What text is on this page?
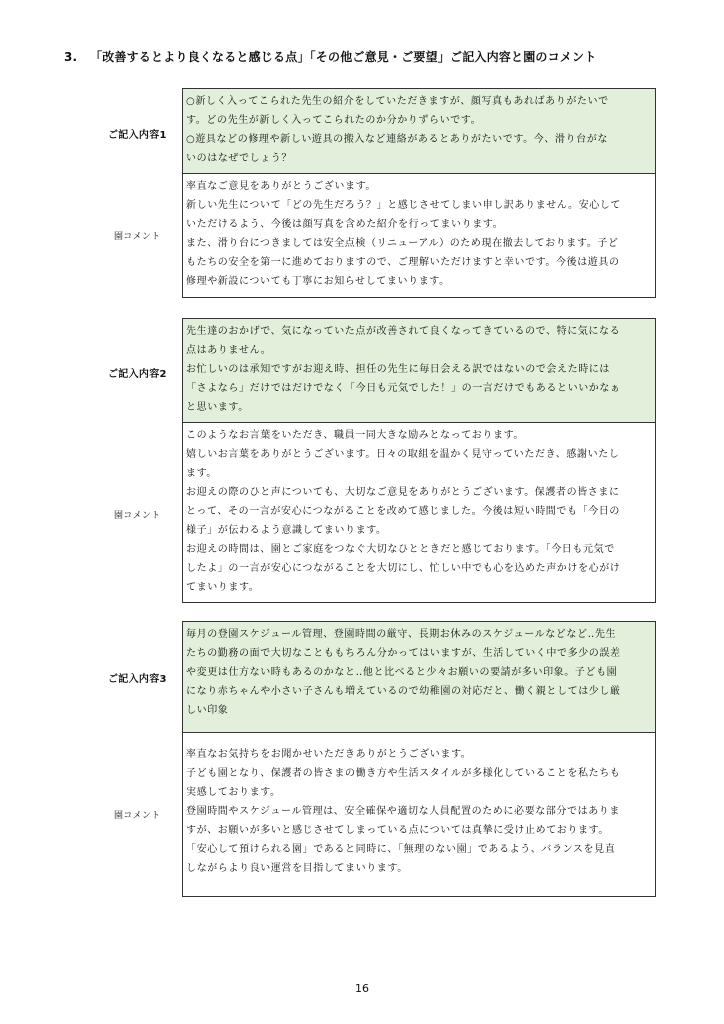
3. 「改善するとより良くなると感じる点」「その他ご意見・ご要望」ご記入内容と園のコメント
ご記入内容1
園コメント

○新しく入ってこられた先生の紹介をしていただきますが、顔写真もあればありがたいで

す。どの先生が新しく入ってこられたのか分かりずらいです。

○遊具などの修理や新しい遊具の搬入など連絡があるとありがたいです。今、滑り台がな

いのはなぜでしょう？

率直なご意見をありがとうございます。

新しい先生について「どの先生だろう？」と感じさせてしまい申し訳ありません。安心して

いただけるよう、今後は顔写真を含めた紹介を行ってまいります。

また、滑り台につきましては安全点検（リニューアル）のため現在撤去しております。子ど

もたちの安全を第一に進めておりますので、ご理解いただけますと幸いです。今後は遊具の

修理や新設についても丁寧にお知らせしてまいります。

ご記入内容2
園コメント

先生達のおかげで、気になっていた点が改善されて良くなってきているので、特に気になる

点はありません。

お忙しいのは承知ですがお迎え時、担任の先生に毎日会える訳ではないので会えた時には

「さよなら」だけではだけでなく「今日も元気でした！」の一言だけでもあるといいかなぁ

と思います。

このようなお言葉をいただき、職員一同大きな励みとなっております。

嬉しいお言葉をありがとうございます。日々の取組を温かく見守っていただき、感謝いたし

ます。

お迎えの際のひと声についても、大切なご意見をありがとうございます。保護者の皆さまに

とって、その一言が安心につながることを改めて感じました。今後は短い時間でも「今日の

様子」が伝わるよう意識してまいります。

お迎えの時間は、園とご家庭をつなぐ大切なひとときだと感じております。「今日も元気で

したよ」の一言が安心につながることを大切にし、忙しい中でも心を込めた声かけを心がけ

てまいります。

ご記入内容3
園コメント

毎月の登園スケジュール管理、登園時間の厳守、長期お休みのスケジュールなどなど‥先生

たちの勤務の面で大切なことももちろん分かってはいますが、生活していく中で多少の誤差

や変更は仕方ない時もあるのかなと‥他と比べると少々お願いの要請が多い印象。子ども園

になり赤ちゃんや小さい子さんも増えているので幼稚園の対応だと、働く親としては少し厳

しい印象

率直なお気持ちをお聞かせいただきありがとうございます。

子ども園となり、保護者の皆さまの働き方や生活スタイルが多様化していることを私たちも

実感しております。

登園時間やスケジュール管理は、安全確保や適切な人員配置のために必要な部分ではありま

すが、お願いが多いと感じさせてしまっている点については真摯に受け止めております。

「安心して預けられる園」であると同時に、「無理のない園」であるよう、バランスを見直

しながらより良い運営を目指してまいります。

16
